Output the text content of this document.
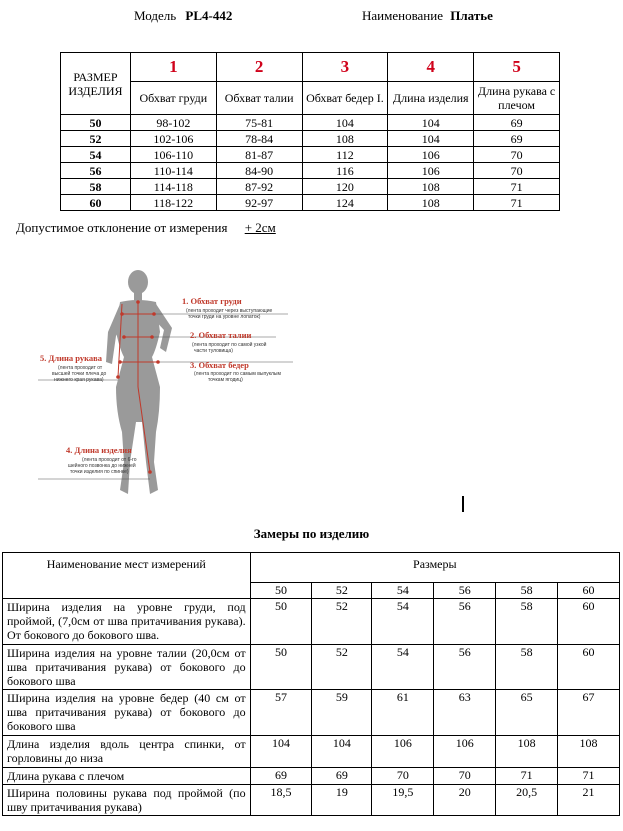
Модель PL4-442	Наименование Платье
РАЗМЕР ИЗДЕЛИЯ	1	2	3	4	5
	Обхват груди	Обхват талии	Обхват бедер I.	Длина изделия	Длина рукава с плечом
50	98-102	75-81	104	104	69
52	102-106	78-84	108	104	69
54	106-110	81-87	112	106	70
56	110-114	84-90	116	106	70
58	114-118	87-92	120	108	71
60	118-122	92-97	124	108	71
Допустимое отклонение от измерения + 2см
1. Обхват груди
(лента проходит через выступающие
точки груди на уровне лопаток)
2. Обхват талии
(лента проходит по самой узкой
части туловища)
3. Обхват бедер
(лента проходит по самым выпуклым
точкам ягодиц)
5. Длина рукава
(лента проходит от
высшей точки плеча до
нижнего края рукава)
4. Длина изделия
(лента проходит от 6-го
шейного позвонка до нижней
точки изделия по спинке)
Замеры по изделию
Наименование мест измерений	Размеры					
	50	52	54	56	58	60
Ширина изделия на уровне груди, под проймой, (7,0см от шва притачивания рукава). От бокового до бокового шва.	50	52	54	56	58	60
Ширина изделия на уровне талии (20,0см от шва притачивания рукава) от бокового до бокового шва	50	52	54	56	58	60
Ширина изделия на уровне бедер (40 см от шва притачивания рукава) от бокового до бокового шва	57	59	61	63	65	67
Длина изделия вдоль центра спинки, от горловины до низа	104	104	106	106	108	108
Длина рукава с плечом	69	69	70	70	71	71
Ширина половины рукава под проймой (по шву притачивания рукава)	18,5	19	19,5	20	20,5	21
